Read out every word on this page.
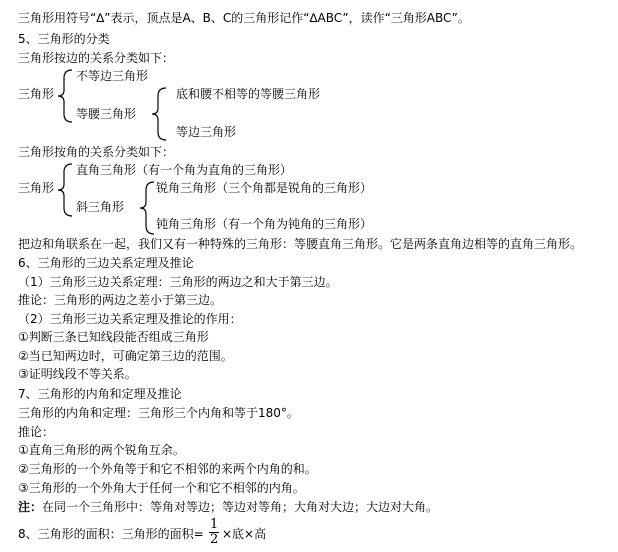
三角形用符号“∆”表示，顶点是A、B、C的三角形记作“∆ABC”，读作“三角形ABC”。
5、三角形的分类
三角形按边的关系分类如下：
三角形
不等边三角形
等腰三角形
底和腰不相等的等腰三角形
等边三角形
三角形按角的关系分类如下：
三角形
直角三角形（有一个角为直角的三角形）
斜三角形
锐角三角形（三个角都是锐角的三角形）
钝角三角形（有一个角为钝角的三角形）
把边和角联系在一起，我们又有一种特殊的三角形：等腰直角三角形。它是两条直角边相等的直角三角形。
6、三角形的三边关系定理及推论
（1）三角形三边关系定理：三角形的两边之和大于第三边。
推论：三角形的两边之差小于第三边。
（2）三角形三边关系定理及推论的作用：
①判断三条已知线段能否组成三角形
②当已知两边时，可确定第三边的范围。
③证明线段不等关系。
7、三角形的内角和定理及推论
三角形的内角和定理：三角形三个内角和等于180°。
推论：
①直角三角形的两个锐角互余。
②三角形的一个外角等于和它不相邻的来两个内角的和。
③三角形的一个外角大于任何一个和它不相邻的内角。
注：在同一个三角形中：等角对等边；等边对等角；大角对大边；大边对大角。
8、三角形的面积：三角形的面积= $\frac{1}{2}$ ×底×高
